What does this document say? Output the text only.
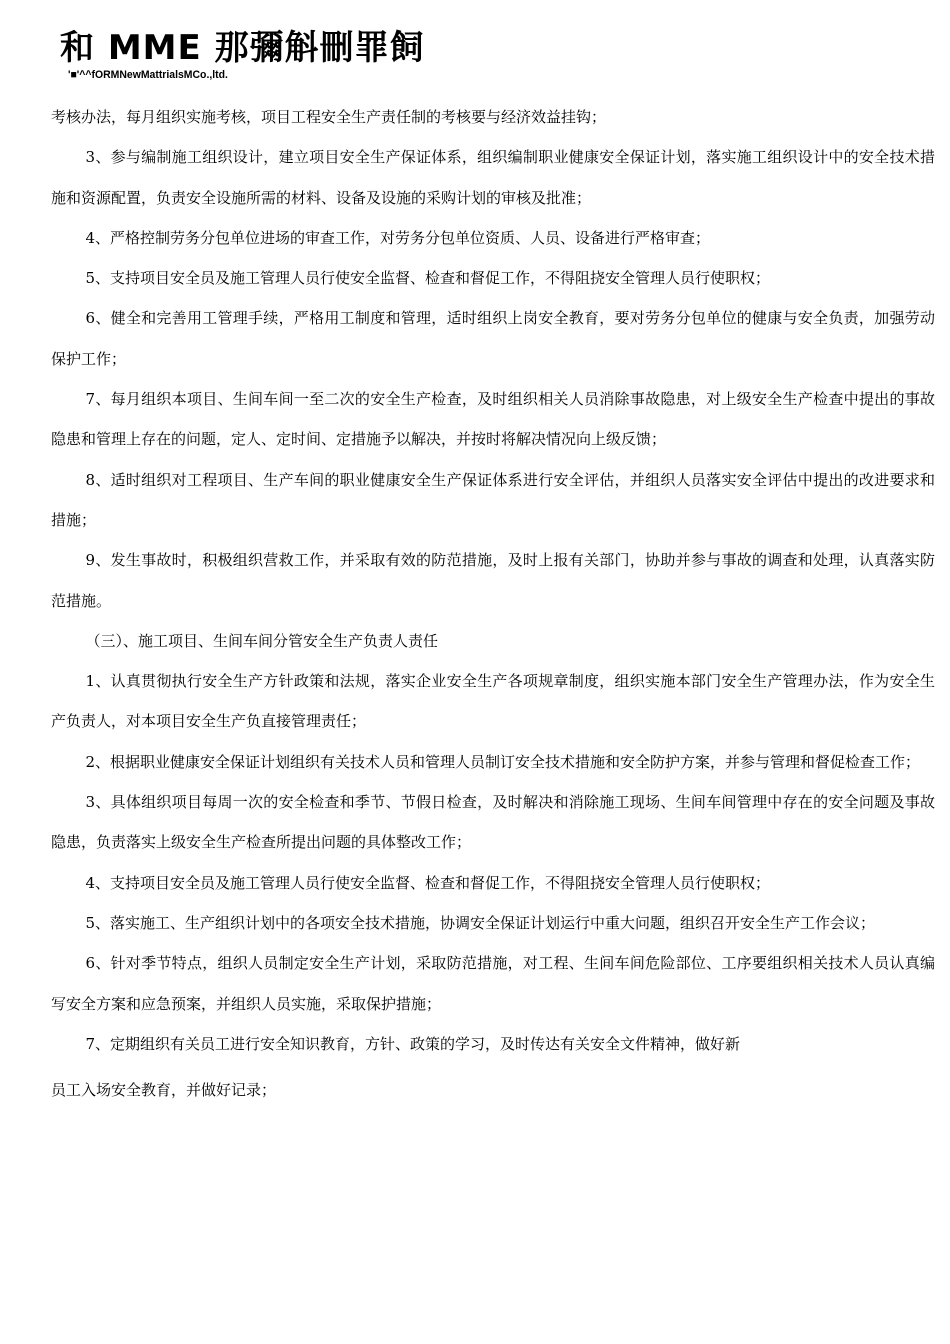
和 MME 那彌斛刪罪飼
'■'^^fORMNewMattrialsMCo.,ltd.

考核办法，每月组织实施考核，项目工程安全生产责任制的考核要与经济效益挂钩；

3、参与编制施工组织设计，建立项目安全生产保证体系，组织编制职业健康安全保证计划，落实施工组织设计中的安全技术措施和资源配置，负责安全设施所需的材料、设备及设施的采购计划的审核及批准；

4、严格控制劳务分包单位进场的审查工作，对劳务分包单位资质、人员、设备进行严格审查；

5、支持项目安全员及施工管理人员行使安全监督、检查和督促工作，不得阻挠安全管理人员行使职权；

6、健全和完善用工管理手续，严格用工制度和管理，适时组织上岗安全教育，要对劳务分包单位的健康与安全负责，加强劳动保护工作；

7、每月组织本项目、生间车间一至二次的安全生产检查，及时组织相关人员消除事故隐患，对上级安全生产检查中提出的事故隐患和管理上存在的问题，定人、定时间、定措施予以解决，并按时将解决情况向上级反馈；

8、适时组织对工程项目、生产车间的职业健康安全生产保证体系进行安全评估，并组织人员落实安全评估中提出的改进要求和措施；

9、发生事故时，积极组织营救工作，并采取有效的防范措施，及时上报有关部门，协助并参与事故的调查和处理，认真落实防范措施。

（三）、施工项目、生间车间分管安全生产负责人责任

1、认真贯彻执行安全生产方针政策和法规，落实企业安全生产各项规章制度，组织实施本部门安全生产管理办法，作为安全生产负责人，对本项目安全生产负直接管理责任；

2、根据职业健康安全保证计划组织有关技术人员和管理人员制订安全技术措施和安全防护方案，并参与管理和督促检查工作；

3、具体组织项目每周一次的安全检查和季节、节假日检查，及时解决和消除施工现场、生间车间管理中存在的安全问题及事故隐患，负责落实上级安全生产检查所提出问题的具体整改工作；

4、支持项目安全员及施工管理人员行使安全监督、检查和督促工作，不得阻挠安全管理人员行使职权；

5、落实施工、生产组织计划中的各项安全技术措施，协调安全保证计划运行中重大问题，组织召开安全生产工作会议；

6、针对季节特点，组织人员制定安全生产计划，采取防范措施，对工程、生间车间危险部位、工序要组织相关技术人员认真编写安全方案和应急预案，并组织人员实施，采取保护措施；

7、定期组织有关员工进行安全知识教育，方针、政策的学习，及时传达有关安全文件精神，做好新

员工入场安全教育，并做好记录；
